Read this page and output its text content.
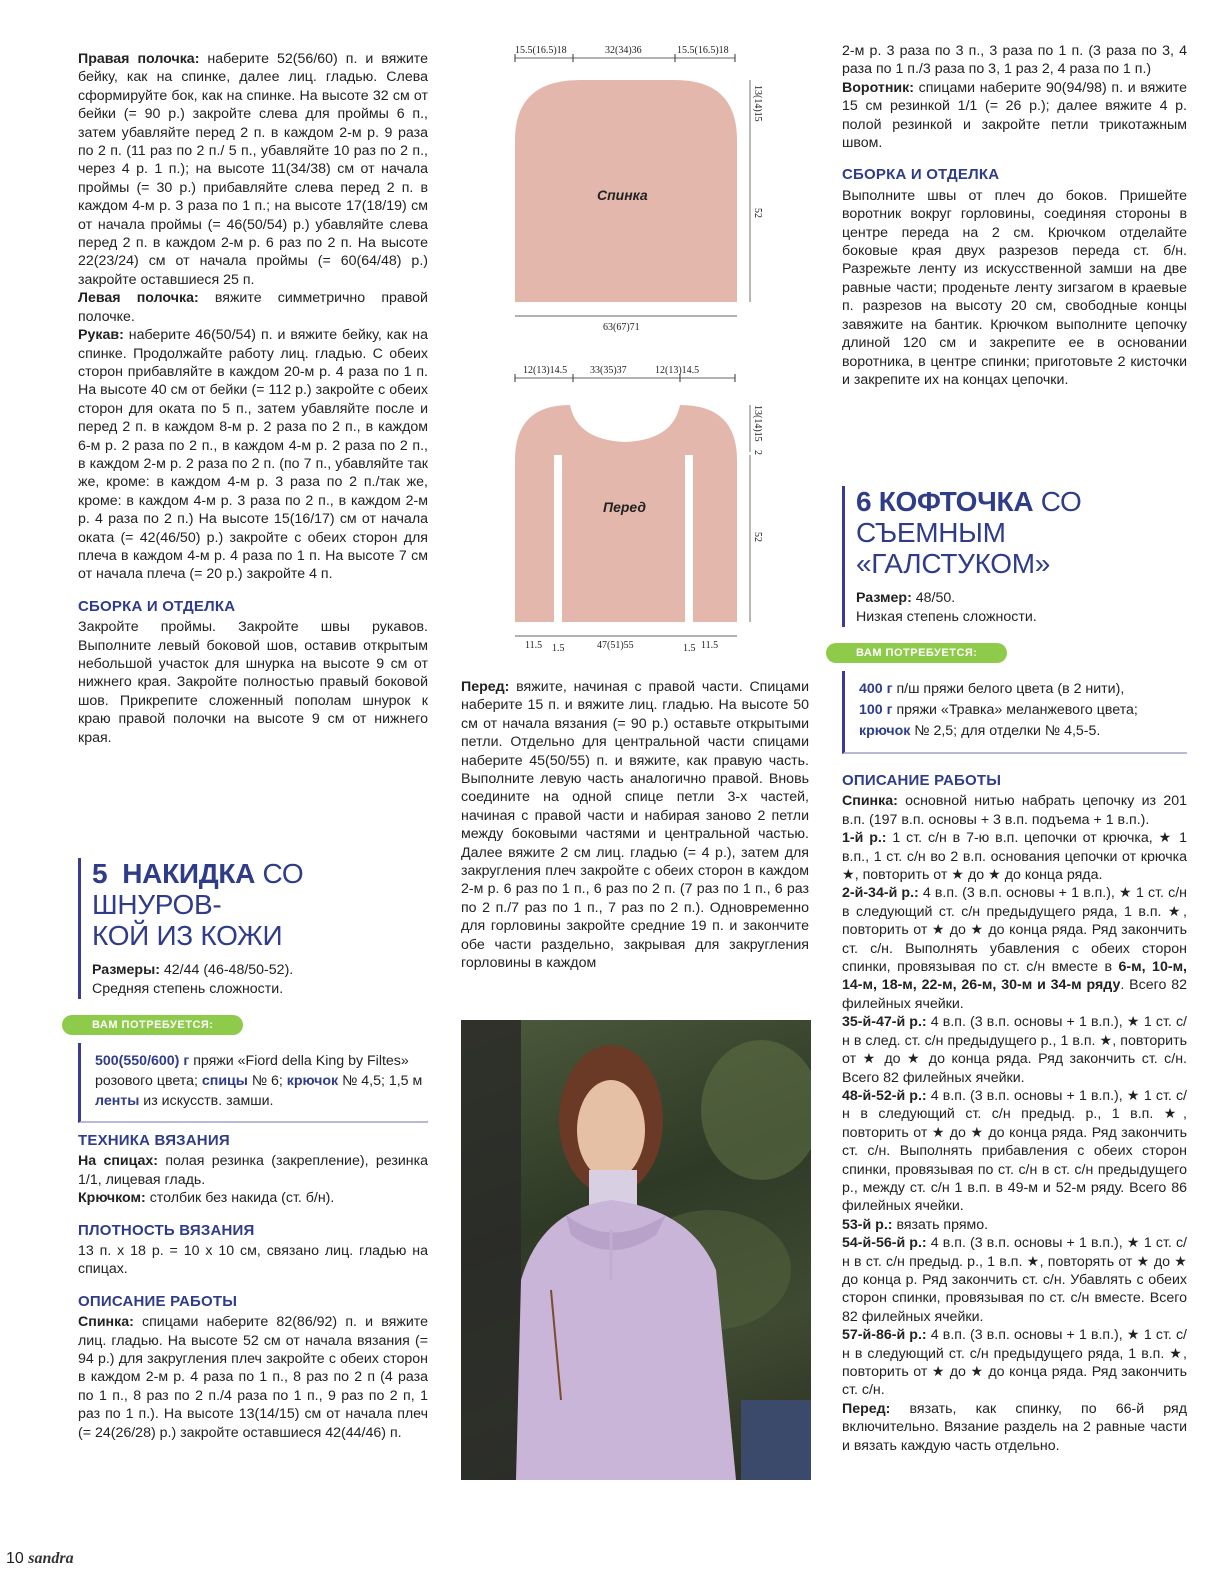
Правая полочка: наберите 52(56/60) п. и вяжите бейку, как на спинке, далее лиц. гладью. Слева сформируйте бок, как на спинке. На высоте 32 см от бейки (= 90 р.) закройте слева для проймы 6 п., затем убавляйте перед 2 п. в каждом 2-м р. 9 раза по 2 п. (11 раз по 2 п./ 5 п., убавляйте 10 раз по 2 п., через 4 р. 1 п.); на высоте 11(34/38) см от начала проймы (= 30 р.) прибавляйте слева перед 2 п. в каждом 4-м р. 3 раза по 1 п.; на высоте 17(18/19) см от начала проймы (= 46(50/54) р.) убавляйте слева перед 2 п. в каждом 2-м р. 6 раз по 2 п. На высоте 22(23/24) см от начала проймы (= 60(64/48) р.) закройте оставшиеся 25 п.

Левая полочка: вяжите симметрично правой полочке.

Рукав: наберите 46(50/54) п. и вяжите бейку, как на спинке. Продолжайте работу лиц. гладью. С обеих сторон прибавляйте в каждом 20-м р. 4 раза по 1 п. На высоте 40 см от бейки (= 112 р.) закройте с обеих сторон для оката по 5 п., затем убавляйте после и перед 2 п. в каждом 8-м р. 2 раза по 2 п., в каждом 6-м р. 2 раза по 2 п., в каждом 4-м р. 2 раза по 2 п., в каждом 2-м р. 2 раза по 2 п. (по 7 п., убавляйте так же, кроме: в каждом 4-м р. 3 раза по 2 п./так же, кроме: в каждом 4-м р. 3 раза по 2 п., в каждом 2-м р. 4 раза по 2 п.) На высоте 15(16/17) см от начала оката (= 42(46/50) р.) закройте с обеих сторон для плеча в каждом 4-м р. 4 раза по 1 п. На высоте 7 см от начала плеча (= 20 р.) закройте 4 п.

СБОРКА И ОТДЕЛКА

Закройте проймы. Закройте швы рукавов. Выполните левый боковой шов, оставив открытым небольшой участок для шнурка на высоте 9 см от нижнего края. Закройте полностью правый боковой шов. Прикрепите сложенный пополам шнурок к краю правой полочки на высоте 9 см от нижнего края.

5 НАКИДКА СО ШНУРОВ-
КОЙ ИЗ КОЖИ
Размеры: 42/44 (46-48/50-52).
Средняя степень сложности.
ВАМ ПОТРЕБУЕТСЯ:
500(550/600) г пряжи «Fiord della King by Filtes» розового цвета; спицы № 6; крючок № 4,5; 1,5 м ленты из искусств. замши.
ТЕХНИКА ВЯЗАНИЯ

На спицах: полая резинка (закрепление), резинка 1/1, лицевая гладь.

Крючком: столбик без накида (ст. б/н).

ПЛОТНОСТЬ ВЯЗАНИЯ

13 п. х 18 р. = 10 х 10 см, связано лиц. гладью на спицах.

ОПИСАНИЕ РАБОТЫ

Спинка: спицами наберите 82(86/92) п. и вяжите лиц. гладью. На высоте 52 см от начала вязания (= 94 р.) для закругления плеч закройте с обеих сторон в каждом 2-м р. 4 раза по 1 п., 8 раз по 2 п (4 раза по 1 п., 8 раз по 2 п./4 раза по 1 п., 9 раз по 2 п, 1 раз по 1 п.). На высоте 13(14/15) см от начала плеч (= 24(26/28) р.) закройте оставшиеся 42(44/46) п.

15.5(16.5)18	32(34)36	15.5(16.5)18
13(14)15
52
Спинка
63(67)71
12(13)14.5 33(35)37	12(13)14.5
13(14)15
2
52
Перед
11.5 1.5	47(51)55	1.5 11.5

Перед: вяжите, начиная с правой части. Спицами наберите 15 п. и вяжите лиц. гладью. На высоте 50 см от начала вязания (= 90 р.) оставьте открытыми петли. Отдельно для центральной части спицами наберите 45(50/55) п. и вяжите, как правую часть. Выполните левую часть аналогично правой. Вновь соедините на одной спице петли 3-х частей, начиная с правой части и набирая заново 2 петли между боковыми частями и центральной частью. Далее вяжите 2 см лиц. гладью (= 4 р.), затем для закругления плеч закройте с обеих сторон в каждом 2-м р. 6 раз по 1 п., 6 раз по 2 п. (7 раз по 1 п., 6 раз по 2 п./7 раз по 1 п., 7 раз по 2 п.). Одновременно для горловины закройте средние 19 п. и закончите обе части раздельно, закрывая для закругления горловины в каждом

2-м р. 3 раза по 3 п., 3 раза по 1 п. (3 раза по 3, 4 раза по 1 п./3 раза по 3, 1 раз 2, 4 раза по 1 п.)

Воротник: спицами наберите 90(94/98) п. и вяжите 15 см резинкой 1/1 (= 26 р.); далее вяжите 4 р. полой резинкой и закройте петли трикотажным швом.

СБОРКА И ОТДЕЛКА

Выполните швы от плеч до боков. Пришейте воротник вокруг горловины, соединяя стороны в центре переда на 2 см. Крючком отделайте боковые края двух разрезов переда ст. б/н. Разрежьте ленту из искусственной замши на две равные части; проденьте ленту зигзагом в краевые п. разрезов на высоту 20 см, свободные концы завяжите на бантик. Крючком выполните цепочку длиной 120 см и закрепите ее в основании воротника, в центре спинки; приготовьте 2 кисточки и закрепите их на концах цепочки.

6 КОФТОЧКА СО СЪЕМНЫМ
«ГАЛСТУКОМ»
Размер: 48/50.
Низкая степень сложности.
ВАМ ПОТРЕБУЕТСЯ:
400 г п/ш пряжи белого цвета (в 2 нити),
100 г пряжи «Травка» меланжевого цвета;
крючок № 2,5; для отделки № 4,5-5.
ОПИСАНИЕ РАБОТЫ

Спинка: основной нитью набрать цепочку из 201 в.п. (197 в.п. основы + 3 в.п. подъема + 1 в.п.).

1-й р.: 1 ст. с/н в 7-ю в.п. цепочки от крючка, ★ 1 в.п., 1 ст. с/н во 2 в.п. основания цепочки от крючка ★, повторить от ★ до ★ до конца ряда.

2-й-34-й р.: 4 в.п. (3 в.п. основы + 1 в.п.), ★ 1 ст. с/н в следующий ст. с/н предыдущего ряда, 1 в.п. ★, повторить от ★ до ★ до конца ряда. Ряд закончить ст. с/н. Выполнять убавления с обеих сторон спинки, провязывая по ст. с/н вместе в 6-м, 10-м, 14-м, 18-м, 22-м, 26-м, 30-м и 34-м ряду. Всего 82 филейных ячейки.

35-й-47-й р.: 4 в.п. (3 в.п. основы + 1 в.п.), ★ 1 ст. с/н в след. ст. с/н предыдущего р., 1 в.п. ★, повторить от ★ до ★ до конца ряда. Ряд закончить ст. с/н. Всего 82 филейных ячейки.

48-й-52-й р.: 4 в.п. (3 в.п. основы + 1 в.п.), ★ 1 ст. с/н в следующий ст. с/н предыд. р., 1 в.п. ★, повторить от ★ до ★ до конца ряда. Ряд закончить ст. с/н. Выполнять прибавления с обеих сторон спинки, провязывая по ст. с/н в ст. с/н предыдущего р., между ст. с/н 1 в.п. в 49-м и 52-м ряду. Всего 86 филейных ячейки.

53-й р.: вязать прямо.

54-й-56-й р.: 4 в.п. (3 в.п. основы + 1 в.п.), ★ 1 ст. с/н в ст. с/н предыд. р., 1 в.п. ★, повторять от ★ до ★ до конца р. Ряд закончить ст. с/н. Убавлять с обеих сторон спинки, провязывая по ст. с/н вместе. Всего 82 филейных ячейки.

57-й-86-й р.: 4 в.п. (3 в.п. основы + 1 в.п.), ★ 1 ст. с/н в следующий ст. с/н предыдущего ряда, 1 в.п. ★, повторить от ★ до ★ до конца ряда. Ряд закончить ст. с/н.

Перед: вязать, как спинку, по 66-й ряд включительно. Вязание раздель на 2 равные части и вязать каждую часть отдельно.

10 sandra
